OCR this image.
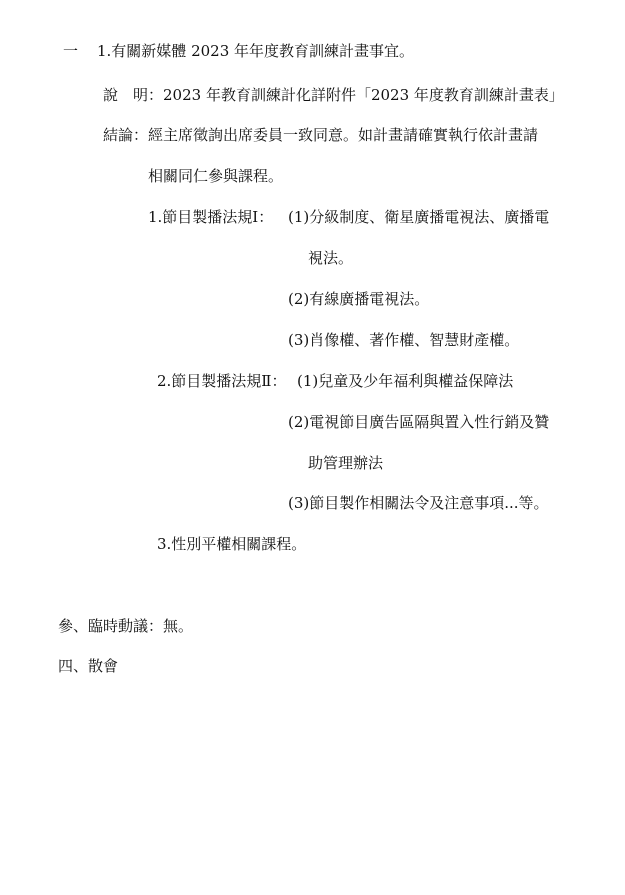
一 1.有關新媒體 2023 年年度教育訓練計畫事宜。
說　明：2023 年教育訓練計化詳附件「2023 年度教育訓練計畫表」
結論：經主席徵詢出席委員一致同意。如計畫請確實執行依計畫請
相關同仁參與課程。
1.節目製播法規Ⅰ： (1)分級制度、衛星廣播電視法、廣播電
視法。
(2)有線廣播電視法。
(3)肖像權、著作權、智慧財產權。
2.節目製播法規Ⅱ： (1)兒童及少年福利與權益保障法
(2)電視節目廣告區隔與置入性行銷及贊
助管理辦法
(3)節目製作相關法令及注意事項...等。
3.性別平權相關課程。
參、臨時動議：無。
四、散會
